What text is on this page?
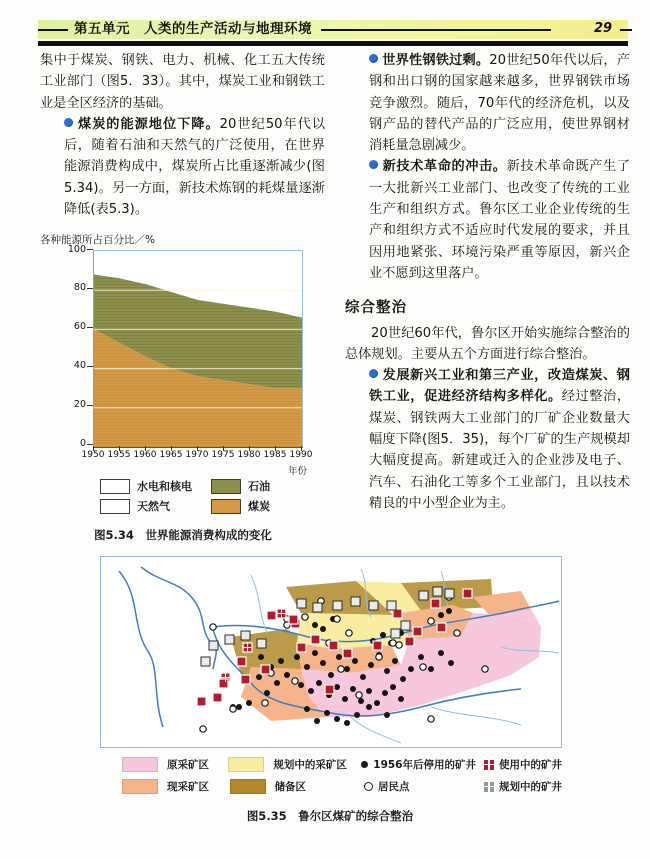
第五单元　人类的生产活动与地理环境	29

集中于煤炭、钢铁、电力、机械、化工五大传统工业部门（图5．33）。其中，煤炭工业和钢铁工业是全区经济的基础。

煤炭的能源地位下降。20世纪50年代以后，随着石油和天然气的广泛使用，在世界能源消费构成中，煤炭所占比重逐渐减少(图5.34)。另一方面，新技术炼钢的耗煤量逐渐降低(表5.3)。

各种能源所占百分比／%
100
80
60
40
20
0
1950 1955 1960 1965 1970 1975 1980 1985 1990
年份
水电和核电	石油
天然气	煤炭
图5.34　世界能源消费构成的变化

世界性钢铁过剩。20世纪50年代以后，产钢和出口钢的国家越来越多，世界钢铁市场竞争激烈。随后，70年代的经济危机，以及钢产品的替代产品的广泛应用，使世界钢材消耗量急剧减少。

新技术革命的冲击。新技术革命既产生了一大批新兴工业部门、也改变了传统的工业生产和组织方式。鲁尔区工业企业传统的生产和组织方式不适应时代发展的要求，并且因用地紧张、环境污染严重等原因，新兴企业不愿到这里落户。

综合整治

20世纪60年代，鲁尔区开始实施综合整治的总体规划。主要从五个方面进行综合整治。

发展新兴工业和第三产业，改造煤炭、钢铁工业，促进经济结构多样化。经过整治，煤炭、钢铁两大工业部门的厂矿企业数量大幅度下降(图5．35)，每个厂矿的生产规模却大幅度提高。新建或迁入的企业涉及电子、汽车、石油化工等多个工业部门，且以技术精良的中小型企业为主。

原采矿区	规划中的采矿区	1956年后停用的矿井 使用中的矿井
现采矿区	储备区	居民点	规划中的矿井
图5.35　鲁尔区煤矿的综合整治
